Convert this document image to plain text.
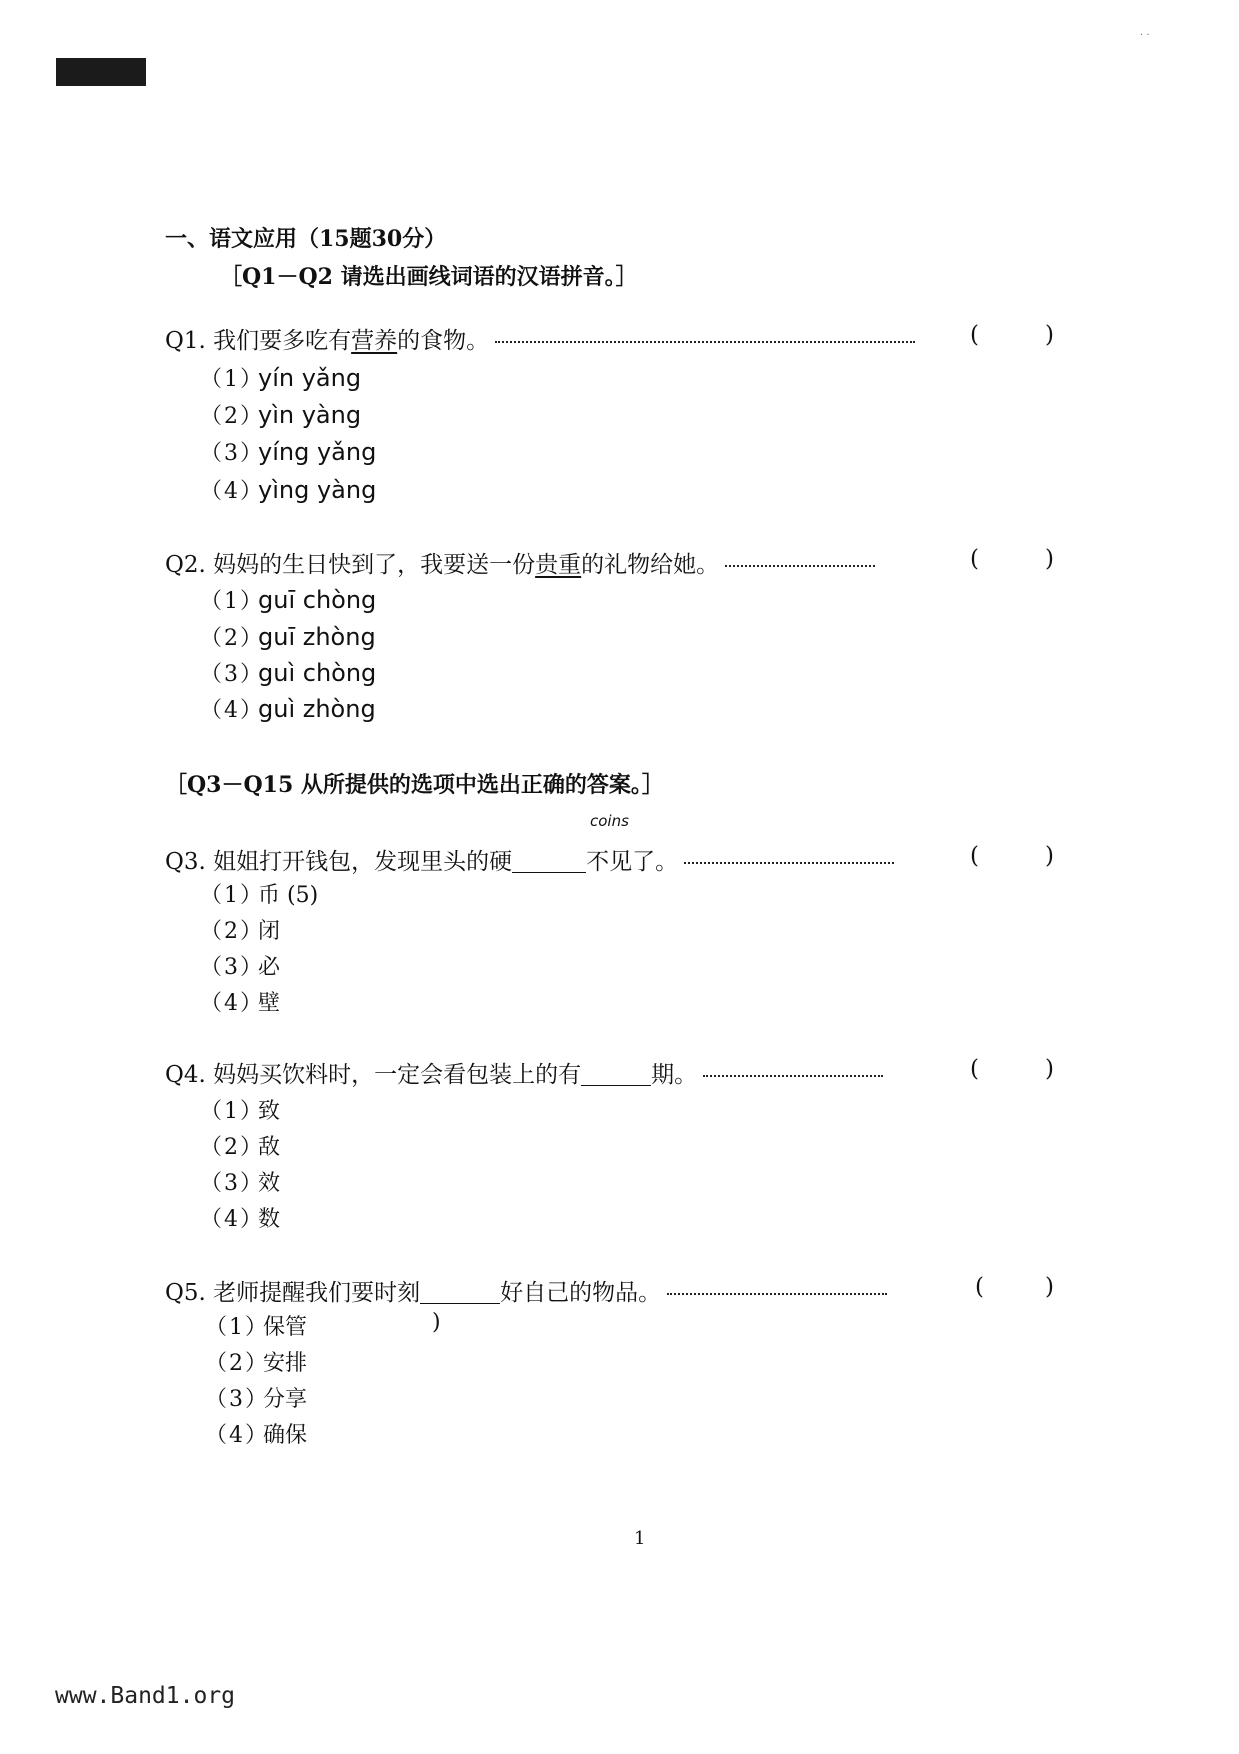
· ·
一、语文应用（15题30分）
［Q1－Q2 请选出画线词语的汉语拼音。］
Q1. 我们要多吃有营养的食物。	(	)
（1）yín yǎng
（2）yìn yàng
（3）yíng yǎng
（4）yìng yàng
Q2. 妈妈的生日快到了，我要送一份贵重的礼物给她。	(	)
（1）guī chòng
（2）guī zhòng
（3）guì chòng
（4）guì zhòng
［Q3－Q15 从所提供的选项中选出正确的答案。］
coins
Q3. 姐姐打开钱包，发现里头的硬	不见了。	(	)
（1）币 (5)
（2）闭
（3）必
（4）壁
Q4. 妈妈买饮料时，一定会看包装上的有	期。	(	)
（1）致
（2）敌
（3）效
（4）数
Q5. 老师提醒我们要时刻	好自己的物品。	(	)
（1）保管	)
（2）安排
（3）分享
（4）确保
1
www.Band1.org
